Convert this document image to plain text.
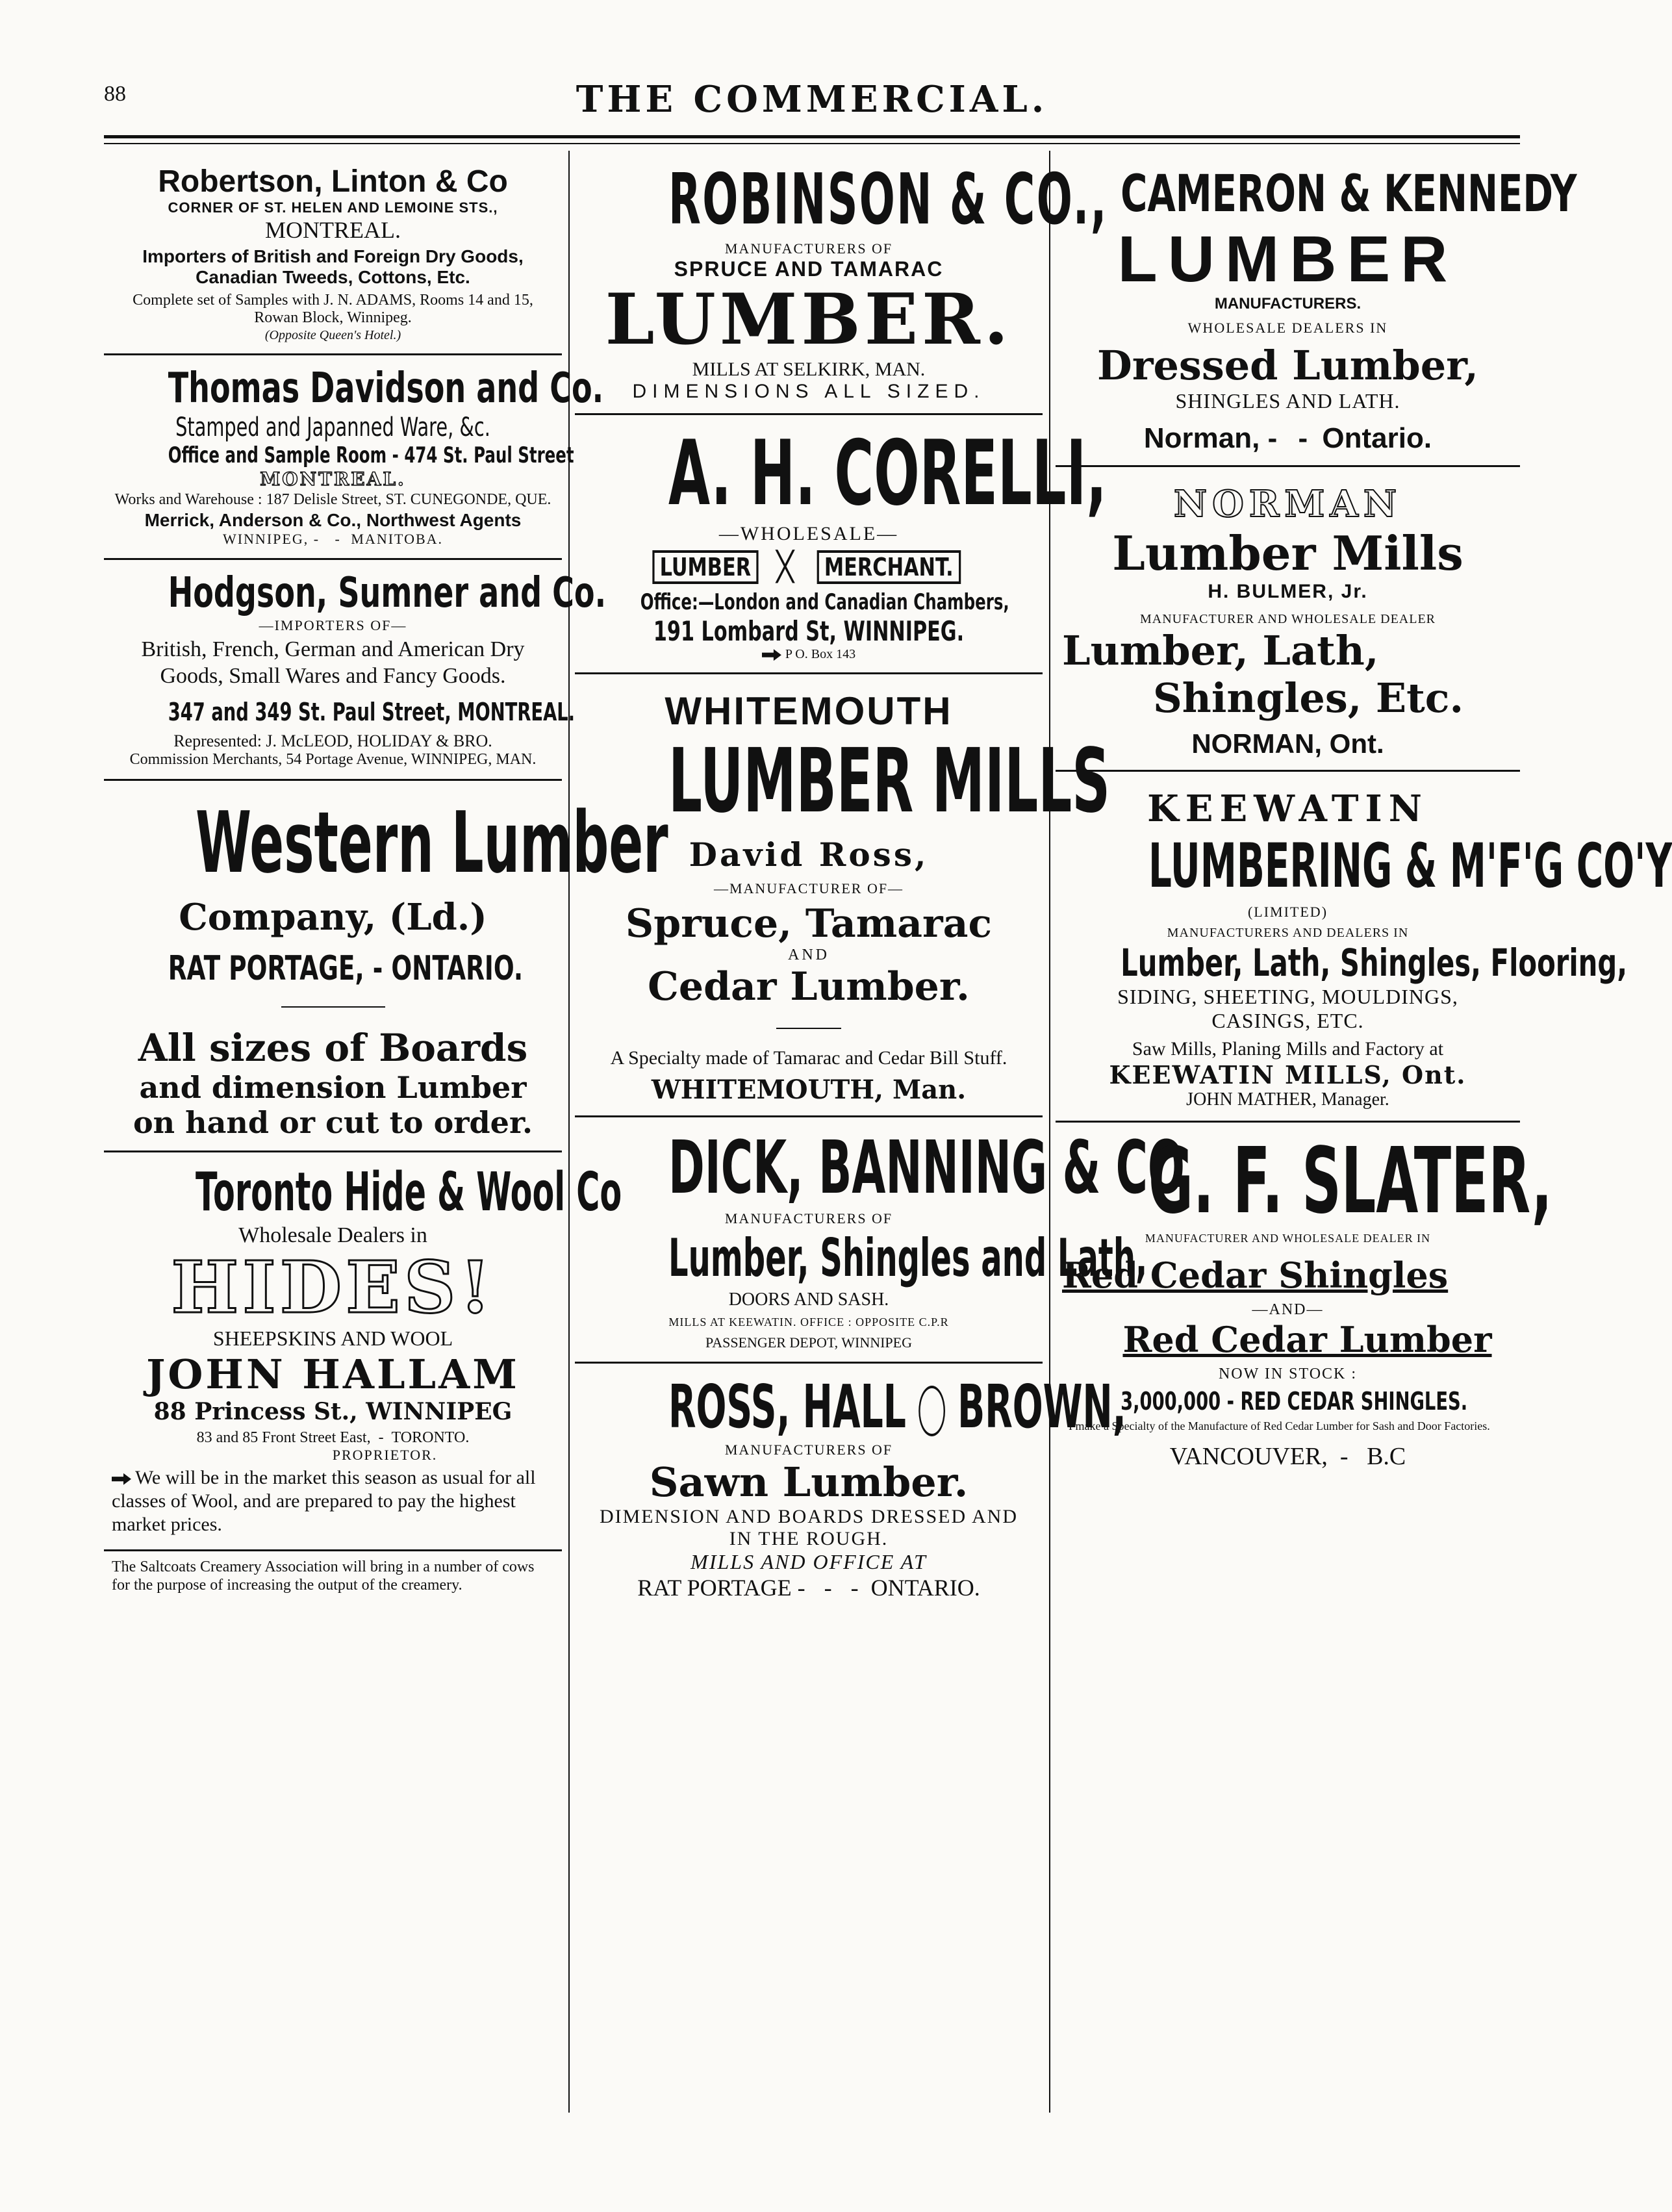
88	THE COMMERCIAL.
Robertson, Linton & Co
CORNER OF ST. HELEN AND LEMOINE STS.,
MONTREAL.
Importers of British and Foreign Dry Goods, Canadian Tweeds, Cottons, Etc.
Complete set of Samples with J. N. ADAMS, Rooms 14 and 15, Rowan Block, Winnipeg.
(Opposite Queen's Hotel.)
Thomas Davidson and Co.
Stamped and Japanned Ware, &c.
Office and Sample Room - 474 St. Paul Street
MONTREAL.
Works and Warehouse : 187 Delisle Street, ST. CUNEGONDE, QUE.
Merrick, Anderson & Co., Northwest Agents
WINNIPEG, - - MANITOBA.
Hodgson, Sumner and Co.
—IMPORTERS OF—
British, French, German and American Dry Goods, Small Wares and Fancy Goods.
347 and 349 St. Paul Street, MONTREAL.
Represented: J. McLEOD, HOLIDAY & BRO.
Commission Merchants, 54 Portage Avenue, WINNIPEG, MAN.
Western Lumber
Company, (Ld.)
RAT PORTAGE, - ONTARIO.
All sizes of Boards
and dimension Lumber
on hand or cut to order.
Toronto Hide & Wool Co
Wholesale Dealers in
HIDES!
SHEEPSKINS AND WOOL
JOHN HALLAM
88 Princess St., WINNIPEG
83 and 85 Front Street East,  -  TORONTO.
PROPRIETOR.
We will be in the market this season as usual for all classes of Wool, and are prepared to pay the highest market prices.
The Saltcoats Creamery Association will bring in a number of cows for the purpose of increasing the output of the creamery.
ROBINSON & CO.,
MANUFACTURERS OF
SPRUCE AND TAMARAC
LUMBER.
MILLS AT SELKIRK, MAN.
DIMENSIONS ALL SIZED.
A. H. CORELLI,
—WHOLESALE—
LUMBER ╳ MERCHANT.
Office:—London and Canadian Chambers,
191 Lombard St, WINNIPEG.
P O. Box 143
WHITEMOUTH
LUMBER MILLS
David Ross,
—MANUFACTURER OF—
Spruce, Tamarac
AND
Cedar Lumber.
A Specialty made of Tamarac and Cedar Bill Stuff.
WHITEMOUTH, Man.
DICK, BANNING & CO
MANUFACTURERS OF
Lumber, Shingles and Lath,
DOORS AND SASH.
MILLS AT KEEWATIN. OFFICE : OPPOSITE C.P.R
PASSENGER DEPOT, WINNIPEG
ROSS, HALL BROWN,
MANUFACTURERS OF
Sawn Lumber.
DIMENSION AND BOARDS DRESSED AND IN THE ROUGH.
MILLS AND OFFICE AT
RAT PORTAGE - - - ONTARIO.
CAMERON & KENNEDY
LUMBER
MANUFACTURERS.
WHOLESALE DEALERS IN
Dressed Lumber,
SHINGLES AND LATH.
Norman, - - Ontario.
NORMAN
Lumber Mills
H. BULMER, Jr.
MANUFACTURER AND WHOLESALE DEALER
Lumber, Lath,
Shingles, Etc.
NORMAN, Ont.
KEEWATIN
LUMBERING & M'F'G CO'Y
(LIMITED)
MANUFACTURERS AND DEALERS IN
Lumber, Lath, Shingles, Flooring,
SIDING, SHEETING, MOULDINGS, CASINGS, ETC.
Saw Mills, Planing Mills and Factory at
KEEWATIN MILLS, Ont.
JOHN MATHER, Manager.
G. F. SLATER,
MANUFACTURER AND WHOLESALE DEALER IN
Red Cedar Shingles
—AND—
Red Cedar Lumber
NOW IN STOCK :
3,000,000 - RED CEDAR SHINGLES.
I make a Specialty of the Manufacture of Red Cedar Lumber for Sash and Door Factories.
VANCOUVER,  -   B.C
